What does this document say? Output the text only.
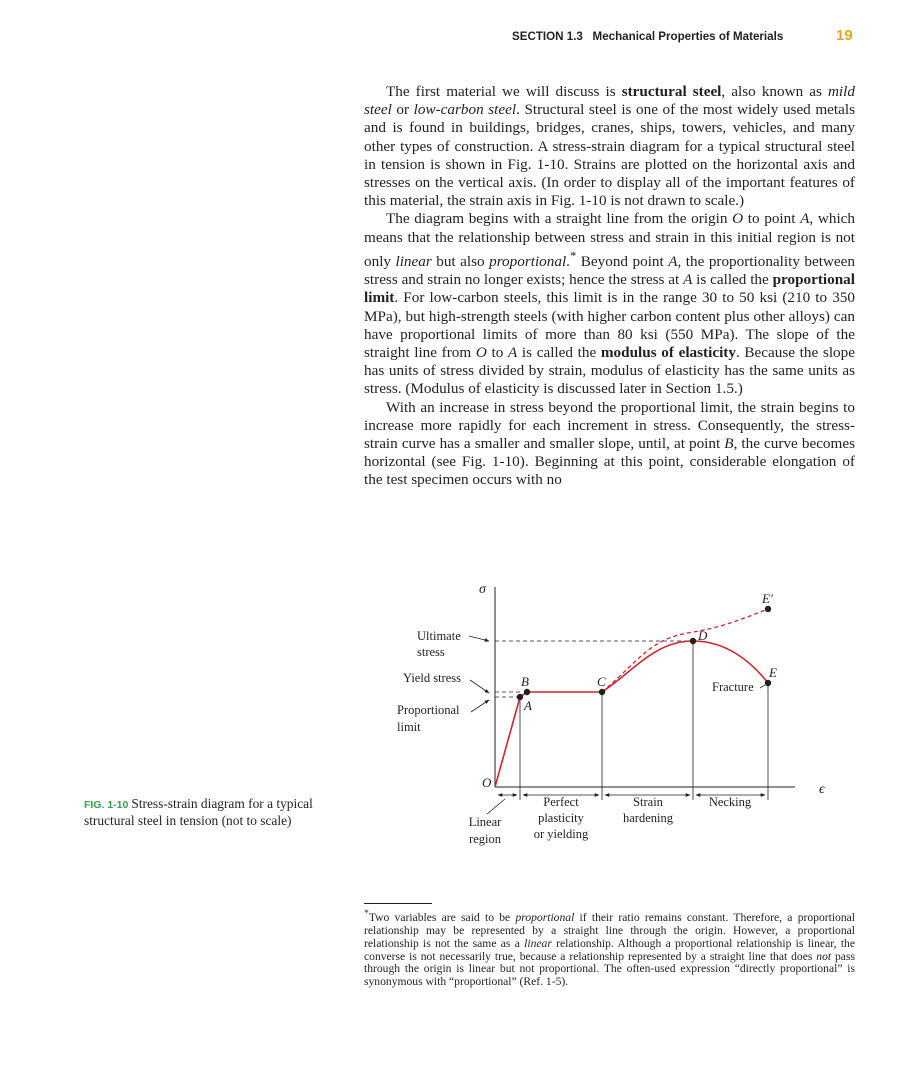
SECTION 1.3 Mechanical Properties of Materials	19

The first material we will discuss is structural steel, also known as mild steel or low-carbon steel. Structural steel is one of the most widely used metals and is found in buildings, bridges, cranes, ships, towers, vehicles, and many other types of construction. A stress-strain diagram for a typical structural steel in tension is shown in Fig. 1-10. Strains are plotted on the horizontal axis and stresses on the vertical axis. (In order to display all of the important features of this material, the strain axis in Fig. 1-10 is not drawn to scale.)

The diagram begins with a straight line from the origin O to point A, which means that the relationship between stress and strain in this initial region is not only linear but also proportional.* Beyond point A, the proportionality between stress and strain no longer exists; hence the stress at A is called the proportional limit. For low-carbon steels, this limit is in the range 30 to 50 ksi (210 to 350 MPa), but high-strength steels (with higher carbon content plus other alloys) can have proportional limits of more than 80 ksi (550 MPa). The slope of the straight line from O to A is called the modulus of elasticity. Because the slope has units of stress divided by strain, modulus of elasticity has the same units as stress. (Modulus of elasticity is discussed later in Section 1.5.)

With an increase in stress beyond the proportional limit, the strain begins to increase more rapidly for each increment in stress. Consequently, the stress-strain curve has a smaller and smaller slope, until, at point B, the curve becomes horizontal (see Fig. 1-10). Beginning at this point, considerable elongation of the test specimen occurs with no

σ
ϵ
O
A
B	C
D
E
E′
Ultimate
stress
Yield stress
Proportional
limit
Fracture
Linear
region
Perfect
plasticity
or yielding
Strain
hardening
Necking
FIG. 1-10 Stress-strain diagram for a typical structural steel in tension (not to scale)
*Two variables are said to be proportional if their ratio remains constant. Therefore, a proportional relationship may be represented by a straight line through the origin. However, a proportional relationship is not the same as a linear relationship. Although a proportional relationship is linear, the converse is not necessarily true, because a relationship represented by a straight line that does not pass through the origin is linear but not proportional. The often-used expression “directly proportional” is synonymous with “proportional” (Ref. 1-5).
